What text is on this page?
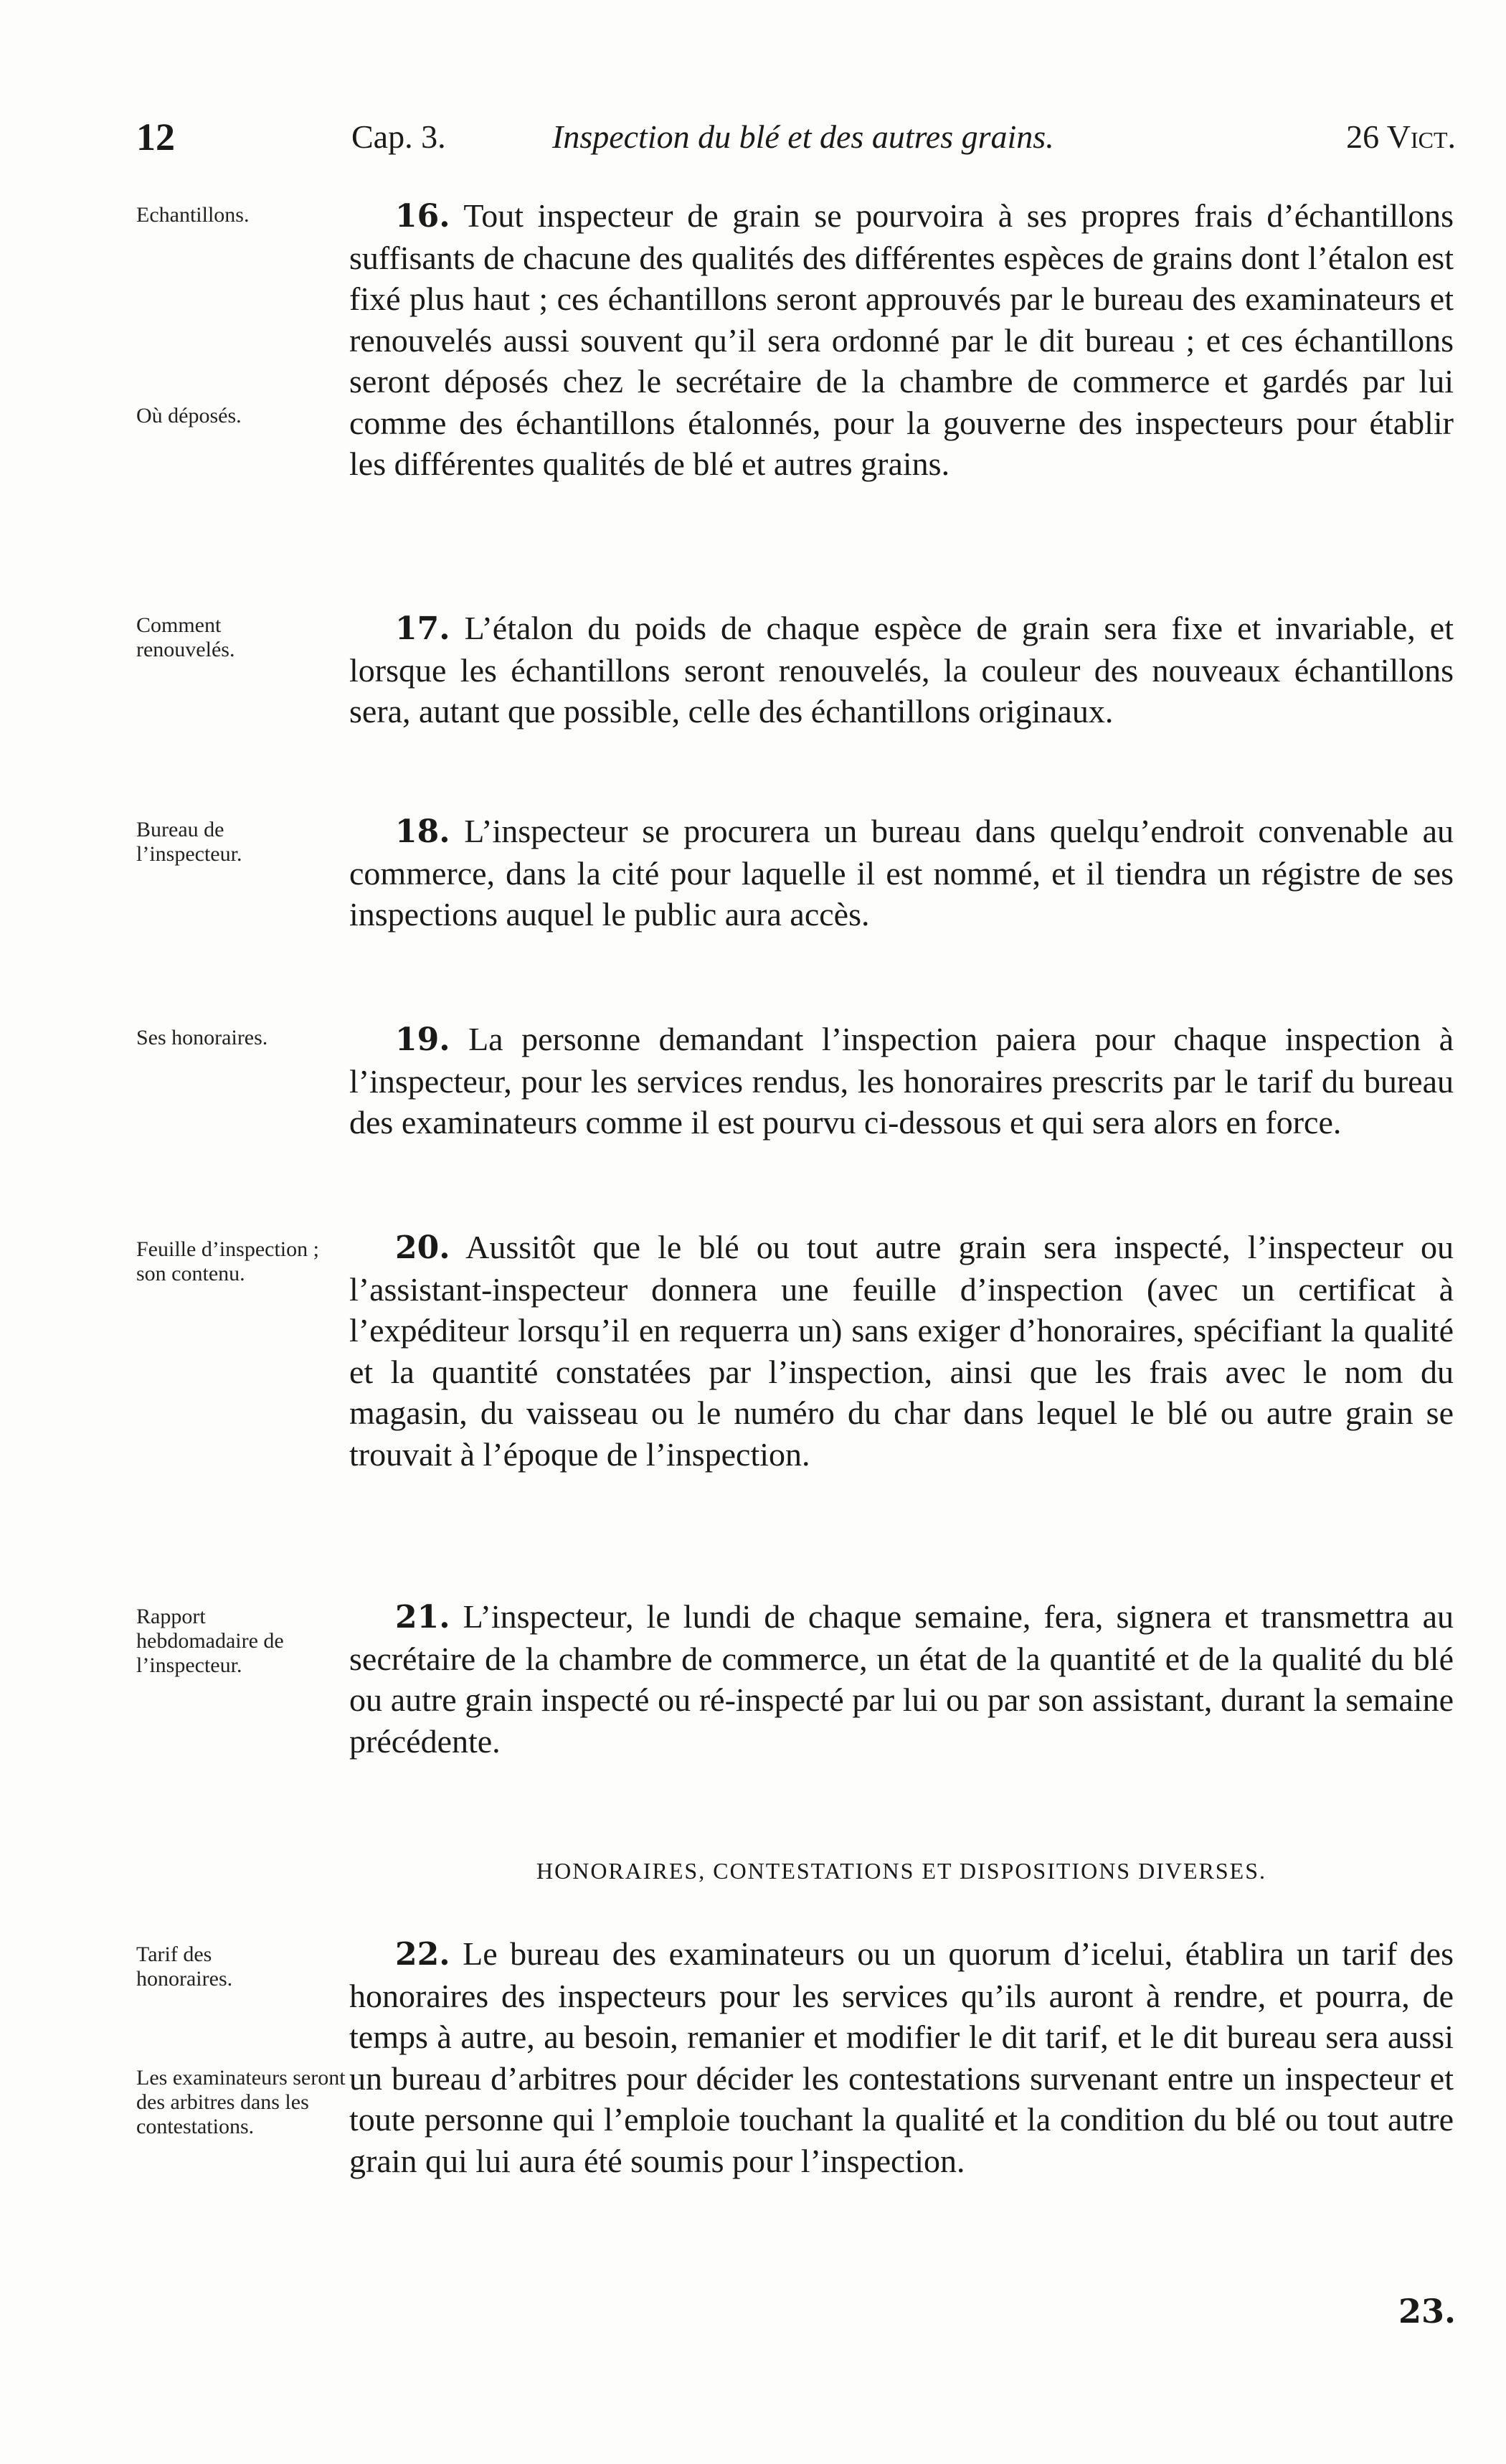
12	Cap. 3.	Inspection du blé et des autres grains.	26 Vict.
Echantillons.
Où déposés.
16. Tout inspecteur de grain se pourvoira à ses propres frais d’échantillons suffisants de chacune des qualités des différentes espèces de grains dont l’étalon est fixé plus haut ; ces échantillons seront approuvés par le bureau des examinateurs et renouvelés aussi souvent qu’il sera ordonné par le dit bureau ; et ces échantillons seront déposés chez le secrétaire de la chambre de commerce et gardés par lui comme des échantillons étalonnés, pour la gouverne des inspecteurs pour établir les différentes qualités de blé et autres grains.
Comment renouvelés.
17. L’étalon du poids de chaque espèce de grain sera fixe et invariable, et lorsque les échantillons seront renouvelés, la couleur des nouveaux échantillons sera, autant que possible, celle des échantillons originaux.
Bureau de l’inspecteur.
18. L’inspecteur se procurera un bureau dans quelqu’endroit convenable au commerce, dans la cité pour laquelle il est nommé, et il tiendra un régistre de ses inspections auquel le public aura accès.
Ses honoraires.	19. La personne demandant l’inspection paiera pour chaque inspection à l’inspecteur, pour les services rendus, les honoraires prescrits par le tarif du bureau des examinateurs comme il est pourvu ci-dessous et qui sera alors en force.
Feuille d’inspection ; son contenu.
20. Aussitôt que le blé ou tout autre grain sera inspecté, l’inspecteur ou l’assistant-inspecteur donnera une feuille d’inspection (avec un certificat à l’expéditeur lorsqu’il en requerra un) sans exiger d’honoraires, spécifiant la qualité et la quantité constatées par l’inspection, ainsi que les frais avec le nom du magasin, du vaisseau ou le numéro du char dans lequel le blé ou autre grain se trouvait à l’époque de l’inspection.
Rapport hebdomadaire de l’inspecteur.
21. L’inspecteur, le lundi de chaque semaine, fera, signera et transmettra au secrétaire de la chambre de commerce, un état de la quantité et de la qualité du blé ou autre grain inspecté ou ré-inspecté par lui ou par son assistant, durant la semaine précédente.
HONORAIRES, CONTESTATIONS ET DISPOSITIONS DIVERSES.
Tarif des honoraires.
Les examinateurs seront des arbitres dans les contestations.
22. Le bureau des examinateurs ou un quorum d’icelui, établira un tarif des honoraires des inspecteurs pour les services qu’ils auront à rendre, et pourra, de temps à autre, au besoin, remanier et modifier le dit tarif, et le dit bureau sera aussi un bureau d’arbitres pour décider les contestations survenant entre un inspecteur et toute personne qui l’emploie touchant la qualité et la condition du blé ou tout autre grain qui lui aura été soumis pour l’inspection.
23.
